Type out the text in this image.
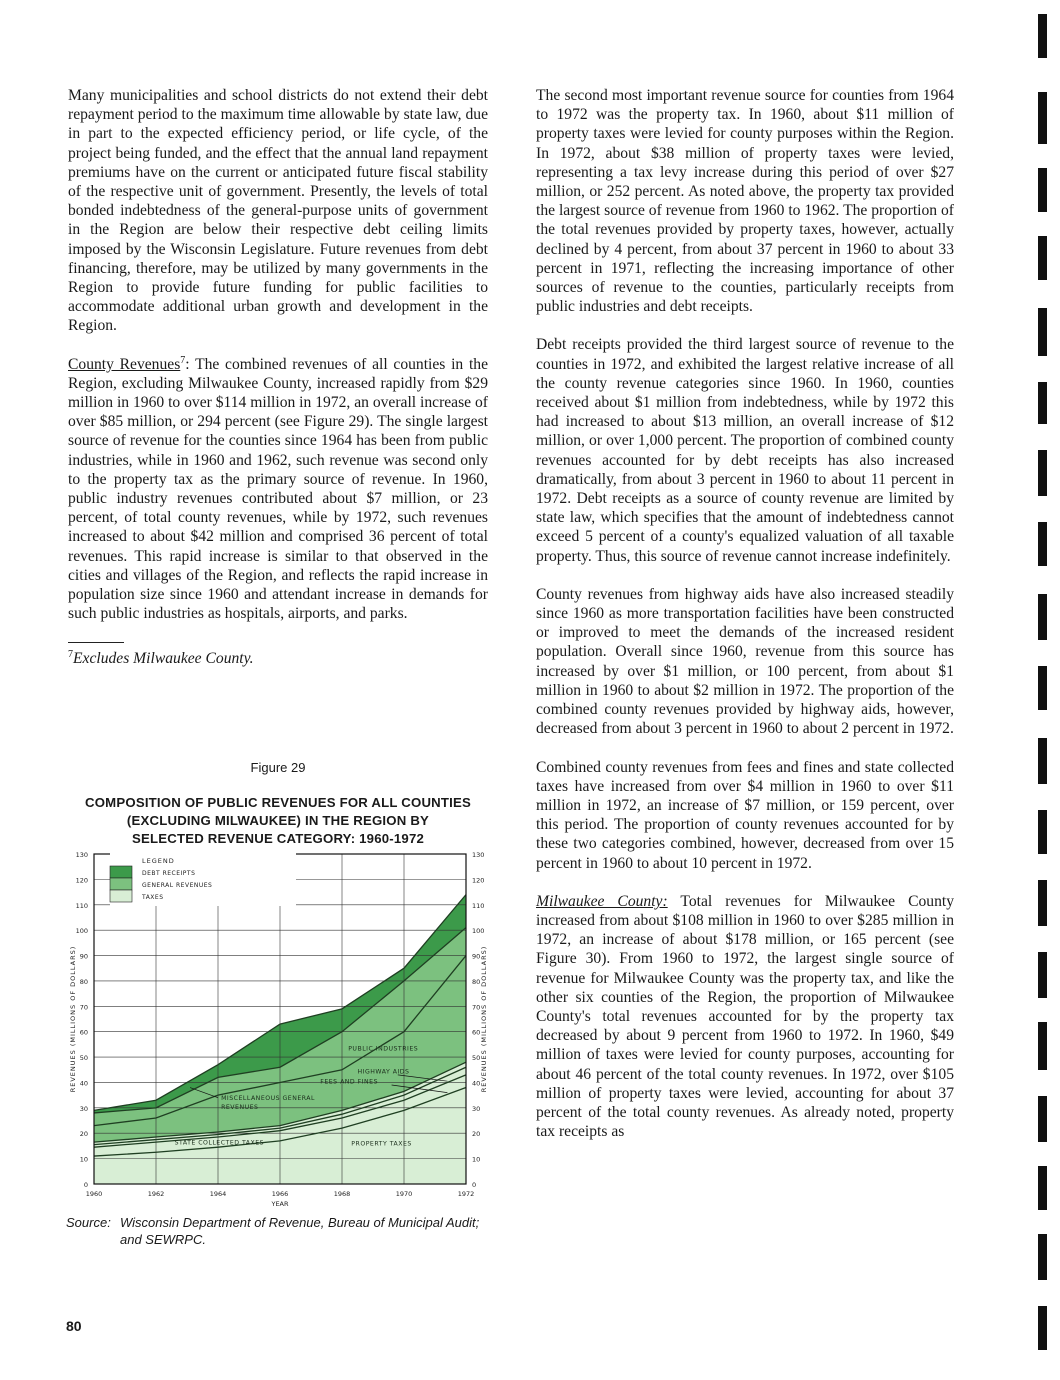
Many municipalities and school districts do not extend their debt repayment period to the maximum time allowable by state law, due in part to the expected efficiency period, or life cycle, of the project being funded, and the effect that the annual land repayment premiums have on the current or anticipated future fiscal stability of the respective unit of government. Presently, the levels of total bonded indebtedness of the general-purpose units of government in the Region are below their respective debt ceiling limits imposed by the Wisconsin Legislature. Future revenues from debt financing, therefore, may be utilized by many governments in the Region to provide future funding for public facilities to accommodate additional urban growth and development in the Region.

County Revenues$^7$: The combined revenues of all counties in the Region, excluding Milwaukee County, increased rapidly from $29 million in 1960 to over $114 million in 1972, an overall increase of over $85 million, or 294 percent (see Figure 29). The single largest source of revenue for the counties since 1964 has been from public industries, while in 1960 and 1962, such revenue was second only to the property tax as the primary source of revenue. In 1960, public industry revenues contributed about $7 million, or 23 percent, of total county revenues, while by 1972, such revenues increased to about $42 million and comprised 36 percent of total revenues. This rapid increase is similar to that observed in the cities and villages of the Region, and reflects the rapid increase in population size since 1960 and attendant increase in demands for such public industries as hospitals, airports, and parks.

$^7$Excludes Milwaukee County.

Figure 29
COMPOSITION OF PUBLIC REVENUES FOR ALL COUNTIES
(EXCLUDING MILWAUKEE) IN THE REGION BY
SELECTED REVENUE CATEGORY: 1960-1972
0	0
10	10
20	20
30	30
40	40
50	50
60	60
70	70
80	80
90	90
100	100
110	110
120	120
130	130
1960	1962	1964	1966	1968	1970	1972
YEAR
REVENUES (MILLIONS OF DOLLARS)	REVENUES (MILLIONS OF DOLLARS)
LEGEND
DEBT RECEIPTS
GENERAL REVENUES
TAXES
PUBLIC INDUSTRIES
HIGHWAY AIDS
FEES AND FINES
MISCELLANEOUS GENERAL
REVENUES
STATE COLLECTED TAXES	PROPERTY TAXES
Source: Wisconsin Department of Revenue, Bureau of Municipal Audit; and SEWRPC.

The second most important revenue source for counties from 1964 to 1972 was the property tax. In 1960, about $11 million of property taxes were levied for county purposes within the Region. In 1972, about $38 million of property taxes were levied, representing a tax levy increase during this period of over $27 million, or 252 percent. As noted above, the property tax provided the largest source of revenue from 1960 to 1962. The proportion of the total revenues provided by property taxes, however, actually declined by 4 percent, from about 37 percent in 1960 to about 33 percent in 1971, reflecting the increasing importance of other sources of revenue to the counties, particularly receipts from public industries and debt receipts.

Debt receipts provided the third largest source of revenue to the counties in 1972, and exhibited the largest relative increase of all the county revenue categories since 1960. In 1960, counties received about $1 million from indebtedness, while by 1972 this had increased to about $13 million, an overall increase of $12 million, or over 1,000 percent. The proportion of combined county revenues accounted for by debt receipts has also increased dramatically, from about 3 percent in 1960 to about 11 percent in 1972. Debt receipts as a source of county revenue are limited by state law, which specifies that the amount of indebtedness cannot exceed 5 percent of a county's equalized valuation of all taxable property. Thus, this source of revenue cannot increase indefinitely.

County revenues from highway aids have also increased steadily since 1960 as more transportation facilities have been constructed or improved to meet the demands of the increased resident population. Overall since 1960, revenue from this source has increased by over $1 million, or 100 percent, from about $1 million in 1960 to about $2 million in 1972. The proportion of the combined county revenues provided by highway aids, however, decreased from about 3 percent in 1960 to about 2 percent in 1972.

Combined county revenues from fees and fines and state collected taxes have increased from over $4 million in 1960 to over $11 million in 1972, an increase of $7 million, or 159 percent, over this period. The proportion of county revenues accounted for by these two categories combined, however, decreased from over 15 percent in 1960 to about 10 percent in 1972.

Milwaukee County: Total revenues for Milwaukee County increased from about $108 million in 1960 to over $285 million in 1972, an increase of about $178 million, or 165 percent (see Figure 30). From 1960 to 1972, the largest single source of revenue for Milwaukee County was the property tax, and like the other six counties of the Region, the proportion of Milwaukee County's total revenues accounted for by the property tax decreased by about 9 percent from 1960 to 1972. In 1960, $49 million of taxes were levied for county purposes, accounting for about 46 percent of the total county revenues. In 1972, over $105 million of property taxes were levied, accounting for about 37 percent of the total county revenues. As already noted, property tax receipts as

80
